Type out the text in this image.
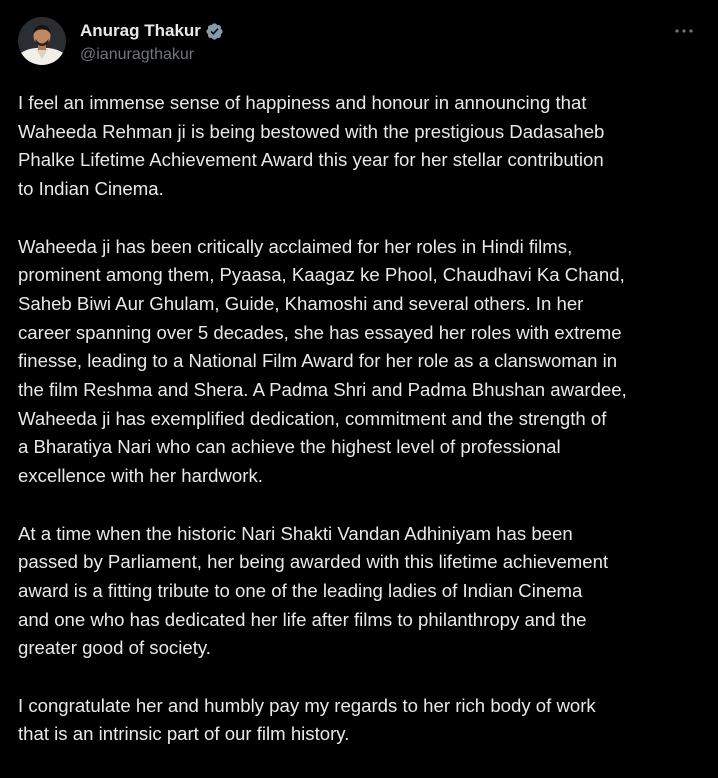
Anurag Thakur
@ianuragthakur

I feel an immense sense of happiness and honour in announcing that
Waheeda Rehman ji is being bestowed with the prestigious Dadasaheb
Phalke Lifetime Achievement Award this year for her stellar contribution
to Indian Cinema.

Waheeda ji has been critically acclaimed for her roles in Hindi films,
prominent among them, Pyaasa, Kaagaz ke Phool, Chaudhavi Ka Chand,
Saheb Biwi Aur Ghulam, Guide, Khamoshi and several others. In her
career spanning over 5 decades, she has essayed her roles with extreme
finesse, leading to a National Film Award for her role as a clanswoman in
the film Reshma and Shera. A Padma Shri and Padma Bhushan awardee,
Waheeda ji has exemplified dedication, commitment and the strength of
a Bharatiya Nari who can achieve the highest level of professional
excellence with her hardwork.

At a time when the historic Nari Shakti Vandan Adhiniyam has been
passed by Parliament, her being awarded with this lifetime achievement
award is a fitting tribute to one of the leading ladies of Indian Cinema
and one who has dedicated her life after films to philanthropy and the
greater good of society.

I congratulate her and humbly pay my regards to her rich body of work
that is an intrinsic part of our film history.
